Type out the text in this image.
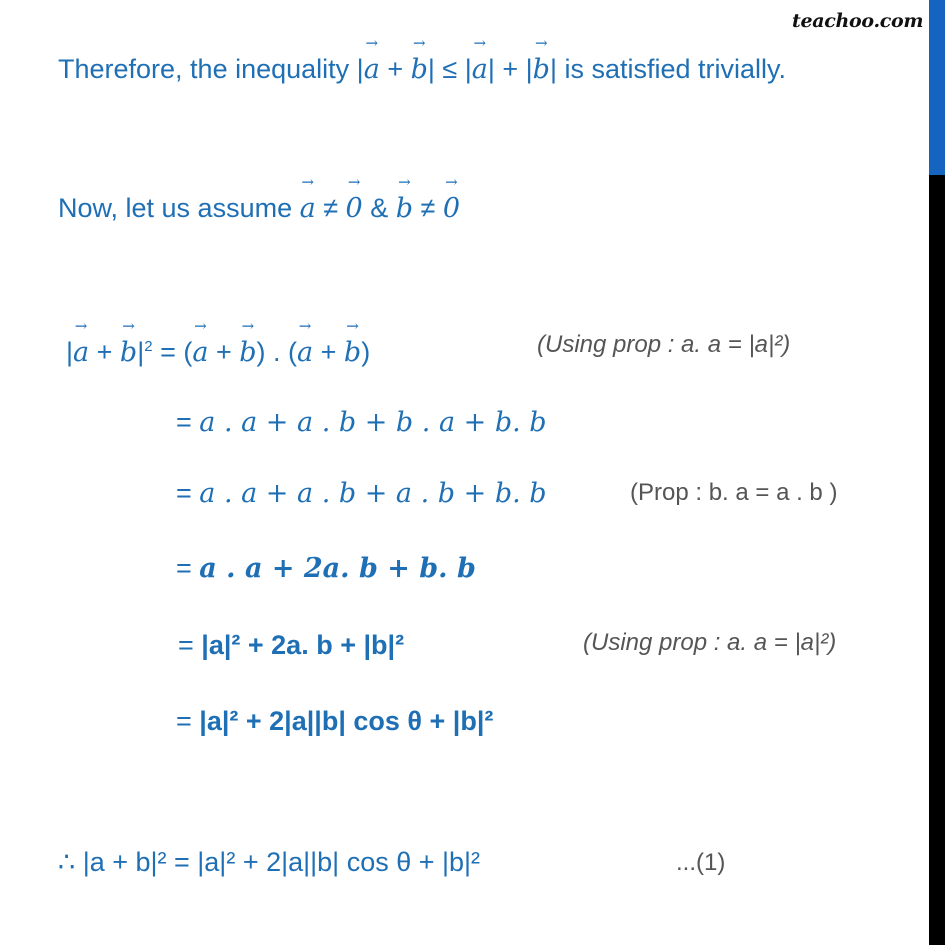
teachoo.com
Therefore, the inequality |→ a + → b| ≤ |→ a| + |→ b| is satisfied trivially.
Now, let us assume → a ≠ → 0 & → b ≠ → 0
|→ a + → $b|^2$ = (→ a + → b) . (→ a + → b)	(Using prop : a. a = |a|²)
= a . a + a . b + b . a + b. b
= a . a + a . b + a . b + b. b	(Prop : b. a = a . b )
= a . a + 2a. b + b. b
= |a|² + 2a. b + |b|²	(Using prop : a. a = |a|²)
= |a|² + 2|a||b| cos θ + |b|²
∴ |a + b|² = |a|² + 2|a||b| cos θ + |b|²	...(1)
